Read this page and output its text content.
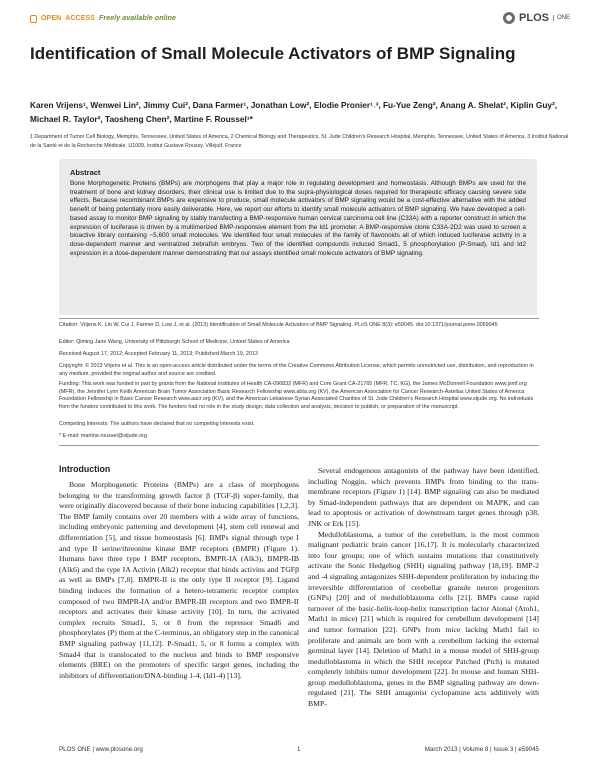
OPEN ACCESS Freely available online	PLOS	ONE
Identification of Small Molecule Activators of BMP Signaling
Karen Vrijens¹, Wenwei Lin², Jimmy Cui², Dana Farmer¹, Jonathan Low², Elodie Pronier¹˒³, Fu-Yue Zeng², Anang A. Shelat², Kiplin Guy², Michael R. Taylor², Taosheng Chen², Martine F. Roussel¹*
1 Department of Tumor Cell Biology, Memphis, Tennessee, United States of America, 2 Chemical Biology and Therapeutics, St. Jude Children's Research Hospital, Memphis, Tennessee, United States of America, 3 Institut National de la Santé et de la Recherche Médicale, U1009, Institut Gustave Roussy, Villejuif, France
Abstract

Bone Morphogenetic Proteins (BMPs) are morphogens that play a major role in regulating development and homeostasis. Although BMPs are used for the treatment of bone and kidney disorders, their clinical use is limited due to the supra-physiological doses required for therapeutic efficacy causing severe side effects. Because recombinant BMPs are expensive to produce, small molecule activators of BMP signaling would be a cost-effective alternative with the added benefit of being potentially more easily deliverable. Here, we report our efforts to identify small molecule activators of BMP signaling. We have developed a cell-based assay to monitor BMP signaling by stably transfecting a BMP-responsive human cervical carcinoma cell line (C33A) with a reporter construct in which the expression of luciferase is driven by a multimerized BMP-responsive element from the Id1 promoter. A BMP-responsive clone C33A-2D2 was used to screen a bioactive library containing ~5,600 small molecules. We identified four small molecules of the family of flavonoids all of which induced luciferase activity in a dose-dependent manner and ventralized zebrafish embryos. Two of the identified compounds induced Smad1, 5 phosphorylation (P-Smad), Id1 and Id2 expression in a dose-dependent manner demonstrating that our assays identified small molecule activators of BMP signaling.

Citation: Vrijens K, Lin W, Cui J, Farmer D, Low J, et al. (2013) Identification of Small Molecule Activators of BMP Signaling. PLoS ONE 8(3): e59045. doi:10.1371/journal.pone.0059045
Editor: Qiming Jane Wang, University of Pittsburgh School of Medicine, United States of America
Received August 17, 2012; Accepted February 11, 2013; Published March 19, 2013
Copyright: © 2013 Vrijens et al. This is an open-access article distributed under the terms of the Creative Commons Attribution License, which permits unrestricted use, distribution, and reproduction in any medium, provided the original author and source are credited.
Funding: This work was funded in part by grants from the National Institutes of Health CA-096832 (MFR) and Core Grant CA-21765 (MFR, TC, KG), the James McDonnell Foundation www.jsmf.org (MFR), the Jennifer Lynn Keith American Brain Tumor Association Basic Research Fellowship www.abta.org (KV), the American Association for Cancer Research-Astellas United States of America Foundation Fellowship in Basic Cancer Research www.aacr.org (KV), and the American Lebanese-Syrian Associated Charities of St. Jude Children's Research Hospital www.stjude.org. No individuals from the funders contributed to this work. The funders had no role in the study design, data collection and analysis, decision to publish, or preparation of the manuscript.
Competing Interests: The authors have declared that no competing interests exist.
* E-mail: martine.roussel@stjude.org
Introduction

Bone Morphogenetic Proteins (BMPs) are a class of morphogens belonging to the transforming growth factor β (TGF-β) super-family, that were originally discovered because of their bone inducing capabilities [1,2,3]. The BMP family contains over 20 members with a wide array of functions, including embryonic patterning and development [4], stem cell renewal and differentiation [5], and tissue homeostasis [6]. BMPs signal through type I and type II serine/threonine kinase BMP receptors (BMPR) (Figure 1). Humans have three type I BMP receptors, BMPR-IA (Alk3), BMPR-IB (Alk6) and the type IA Activin (Alk2) receptor that binds activins and TGFβ as well as BMPs [7,8]. BMPR-II is the only type II receptor [9]. Ligand binding induces the formation of a hetero-tetrameric receptor complex composed of two BMPR-IA and/or BMPR-IB receptors and two BMPR-II receptors and activates their kinase activity [10]. In turn, the activated complex recruits Smad1, 5, or 8 from the repressor Smad6 and phosphorylates (P) them at the C-terminus, an obligatory step in the canonical BMP signaling pathway [11,12]. P-Smad1, 5, or 8 forms a complex with Smad4 that is translocated to the nucleus and binds to BMP responsive elements (BRE) on the promoters of specific target genes, including the inhibitors of differentiation/DNA-binding 1-4, (Id1-4) [13].

Several endogenous antagonists of the pathway have been identified, including Noggin, which prevents BMPs from binding to the trans-membrane receptors (Figure 1) [14]. BMP signaling can also be mediated by Smad-independent pathways that are dependent on MAPK, and can lead to apoptosis or activation of downstream target genes through p38, JNK or Erk [15].

Medulloblastoma, a tumor of the cerebellum, is the most common malignant pediatric brain cancer [16,17]. It is molecularly characterized into four groups; one of which sustains mutations that constitutively activate the Sonic Hedgehog (SHH) signaling pathway [18,19]. BMP-2 and -4 signaling antagonizes SHH-dependent proliferation by inducing the irreversible differentiation of cerebellar granule neuron progenitors (GNPs) [20] and of medulloblastoma cells [21]. BMPs cause rapid turnover of the basic-helix-loop-helix transcription factor Atonal (Atoh1, Math1 in mice) [21] which is required for cerebellum development [14] and tumor formation [22]. GNPs from mice lacking Math1 fail to proliferate and animals are born with a cerebellum lacking the external germinal layer [14]. Deletion of Math1 in a mouse model of SHH-group medulloblastoma in which the SHH receptor Patched (Ptch) is mutated completely inhibits tumor development [22]. In mouse and human SHH-group medulloblastoma, genes in the BMP signaling pathway are down-regulated [21]. The SHH antagonist cyclopamine acts additively with BMP-

PLOS ONE | www.plosone.org	1	March 2013 | Volume 8 | Issue 3 | e59045
